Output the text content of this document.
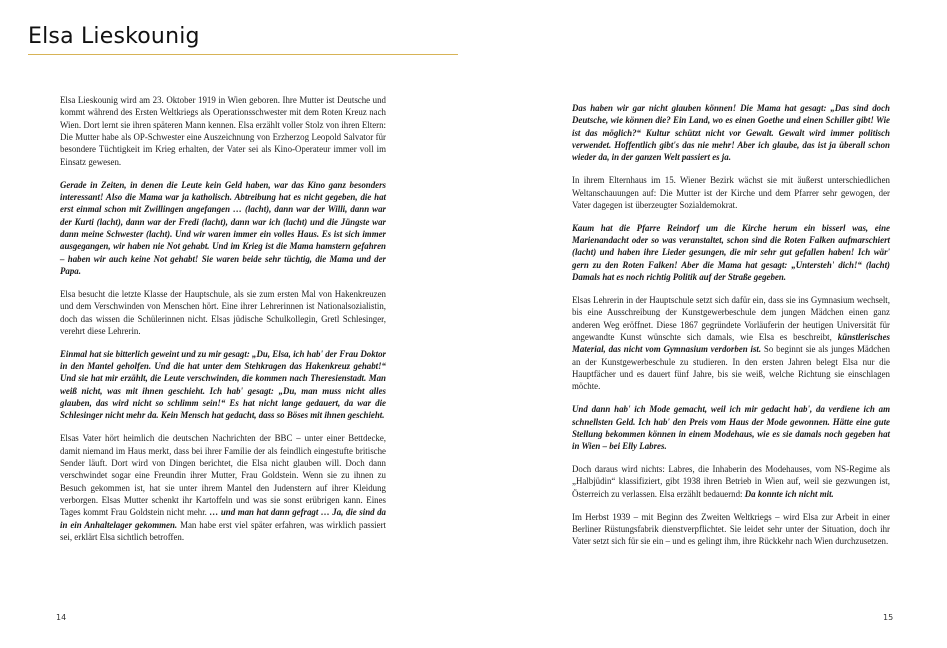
Elsa Lieskounig

Elsa Lieskounig wird am 23. Oktober 1919 in Wien geboren. Ihre Mutter ist Deutsche und kommt während des Ersten Weltkriegs als Operationsschwester mit dem Roten Kreuz nach Wien. Dort lernt sie ihren späteren Mann kennen. Elsa erzählt voller Stolz von ihren Eltern: Die Mutter habe als OP-Schwester eine Auszeichnung von Erzherzog Leopold Salvator für besondere Tüchtigkeit im Krieg erhalten, der Vater sei als Kino-Operateur immer voll im Einsatz gewesen.

Gerade in Zeiten, in denen die Leute kein Geld haben, war das Kino ganz besonders interessant! Also die Mama war ja katholisch. Abtreibung hat es nicht gegeben, die hat erst einmal schon mit Zwillingen angefangen … (lacht), dann war der Willi, dann war der Kurti (lacht), dann war der Fredi (lacht), dann war ich (lacht) und die Jüngste war dann meine Schwester (lacht). Und wir waren immer ein volles Haus. Es ist sich immer ausgegangen, wir haben nie Not gehabt. Und im Krieg ist die Mama hamstern gefahren – haben wir auch keine Not gehabt! Sie waren beide sehr tüchtig, die Mama und der Papa.

Elsa besucht die letzte Klasse der Hauptschule, als sie zum ersten Mal von Hakenkreuzen und dem Verschwinden von Menschen hört. Eine ihrer Lehrerinnen ist Nationalsozialistin, doch das wissen die Schülerinnen nicht. Elsas jüdische Schulkollegin, Gretl Schlesinger, verehrt diese Lehrerin.

Einmal hat sie bitterlich geweint und zu mir gesagt: „Du, Elsa, ich hab' der Frau Doktor in den Mantel geholfen. Und die hat unter dem Stehkragen das Hakenkreuz gehabt!“ Und sie hat mir erzählt, die Leute verschwinden, die kommen nach Theresienstadt. Man weiß nicht, was mit ihnen geschieht. Ich hab' gesagt: „Du, man muss nicht alles glauben, das wird nicht so schlimm sein!“ Es hat nicht lange gedauert, da war die Schlesinger nicht mehr da. Kein Mensch hat gedacht, dass so Böses mit ihnen geschieht.

Elsas Vater hört heimlich die deutschen Nachrichten der BBC – unter einer Bettdecke, damit niemand im Haus merkt, dass bei ihrer Familie der als feindlich eingestufte britische Sender läuft. Dort wird von Dingen berichtet, die Elsa nicht glauben will. Doch dann verschwindet sogar eine Freundin ihrer Mutter, Frau Goldstein. Wenn sie zu ihnen zu Besuch gekommen ist, hat sie unter ihrem Mantel den Judenstern auf ihrer Kleidung verborgen. Elsas Mutter schenkt ihr Kartoffeln und was sie sonst erübrigen kann. Eines Tages kommt Frau Goldstein nicht mehr. … und man hat dann gefragt … Ja, die sind da in ein Anhaltelager gekommen. Man habe erst viel später erfahren, was wirklich passiert sei, erklärt Elsa sichtlich betroffen.

Das haben wir gar nicht glauben können! Die Mama hat gesagt: „Das sind doch Deutsche, wie können die? Ein Land, wo es einen Goethe und einen Schiller gibt! Wie ist das möglich?“ Kultur schützt nicht vor Gewalt. Gewalt wird immer politisch verwendet. Hoffentlich gibt's das nie mehr! Aber ich glaube, das ist ja überall schon wieder da, in der ganzen Welt passiert es ja.

In ihrem Elternhaus im 15. Wiener Bezirk wächst sie mit äußerst unterschiedlichen Weltanschauungen auf: Die Mutter ist der Kirche und dem Pfarrer sehr gewogen, der Vater dagegen ist überzeugter Sozialdemokrat.

Kaum hat die Pfarre Reindorf um die Kirche herum ein bisserl was, eine Marienandacht oder so was veranstaltet, schon sind die Roten Falken aufmarschiert (lacht) und haben ihre Lieder gesungen, die mir sehr gut gefallen haben! Ich wär' gern zu den Roten Falken! Aber die Mama hat gesagt: „Untersteh' dich!“ (lacht) Damals hat es noch richtig Politik auf der Straße gegeben.

Elsas Lehrerin in der Hauptschule setzt sich dafür ein, dass sie ins Gymnasium wechselt, bis eine Ausschreibung der Kunstgewerbeschule dem jungen Mädchen einen ganz anderen Weg eröffnet. Diese 1867 gegründete Vorläuferin der heutigen Universität für angewandte Kunst wünschte sich damals, wie Elsa es beschreibt, künstlerisches Material, das nicht vom Gymnasium verdorben ist. So beginnt sie als junges Mädchen an der Kunstgewerbeschule zu studieren. In den ersten Jahren belegt Elsa nur die Hauptfächer und es dauert fünf Jahre, bis sie weiß, welche Richtung sie einschlagen möchte.

Und dann hab' ich Mode gemacht, weil ich mir gedacht hab', da verdiene ich am schnellsten Geld. Ich hab' den Preis vom Haus der Mode gewonnen. Hätte eine gute Stellung bekommen können in einem Modehaus, wie es sie damals noch gegeben hat in Wien – bei Elly Labres.

Doch daraus wird nichts: Labres, die Inhaberin des Modehauses, vom NS-Regime als „Halbjüdin“ klassifiziert, gibt 1938 ihren Betrieb in Wien auf, weil sie gezwungen ist, Österreich zu verlassen. Elsa erzählt bedauernd: Da konnte ich nicht mit.

Im Herbst 1939 – mit Beginn des Zweiten Weltkriegs – wird Elsa zur Arbeit in einer Berliner Rüstungsfabrik dienstverpflichtet. Sie leidet sehr unter der Situation, doch ihr Vater setzt sich für sie ein – und es gelingt ihm, ihre Rückkehr nach Wien durchzusetzen.

14	15
